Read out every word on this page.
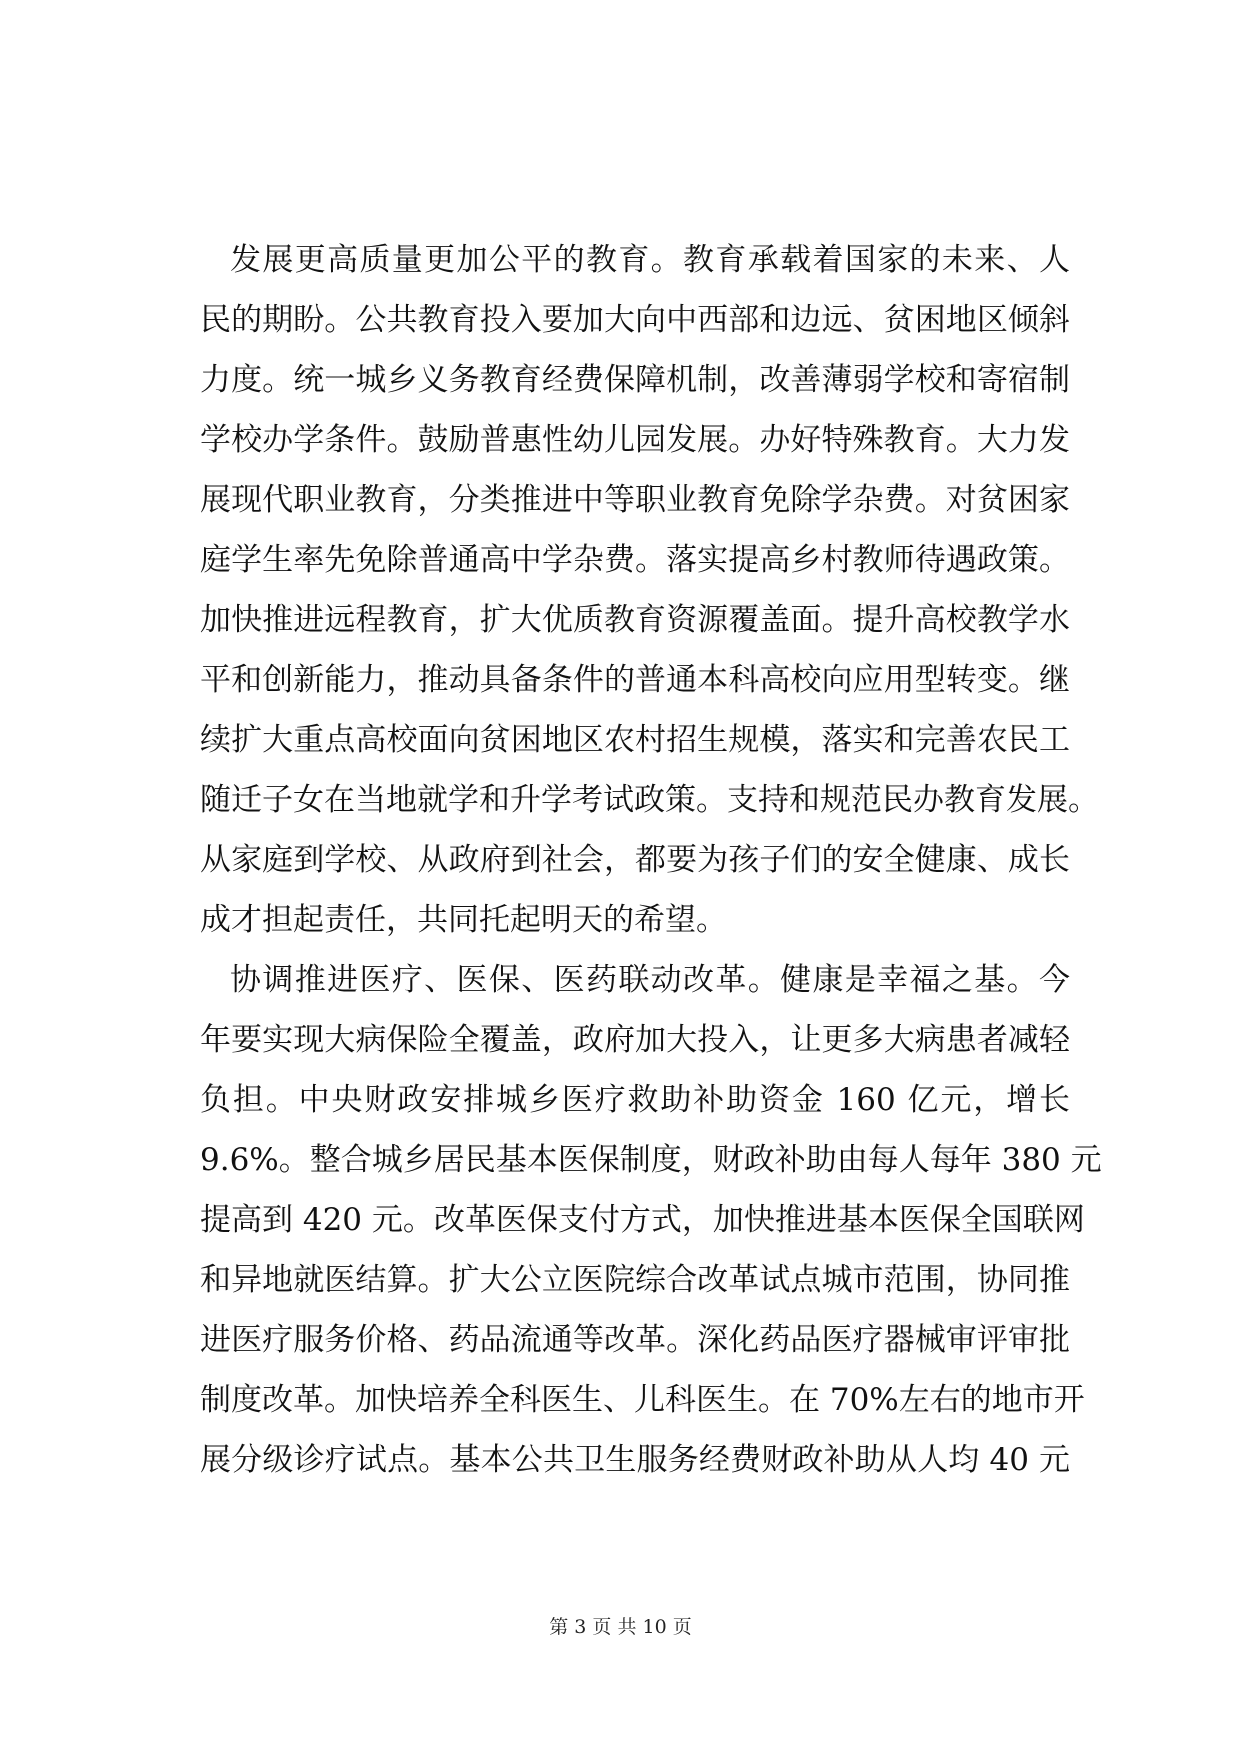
发展更高质量更加公平的教育。教育承载着国家的未来、人
民的期盼。公共教育投入要加大向中西部和边远、贫困地区倾斜
力度。统一城乡义务教育经费保障机制，改善薄弱学校和寄宿制
学校办学条件。鼓励普惠性幼儿园发展。办好特殊教育。大力发
展现代职业教育，分类推进中等职业教育免除学杂费。对贫困家
庭学生率先免除普通高中学杂费。落实提高乡村教师待遇政策。
加快推进远程教育，扩大优质教育资源覆盖面。提升高校教学水
平和创新能力，推动具备条件的普通本科高校向应用型转变。继
续扩大重点高校面向贫困地区农村招生规模，落实和完善农民工
随迁子女在当地就学和升学考试政策。支持和规范民办教育发展。
从家庭到学校、从政府到社会，都要为孩子们的安全健康、成长
成才担起责任，共同托起明天的希望。
协调推进医疗、医保、医药联动改革。健康是幸福之基。今
年要实现大病保险全覆盖，政府加大投入，让更多大病患者减轻
负担。中央财政安排城乡医疗救助补助资金 160 亿元，增长
9.6%。整合城乡居民基本医保制度，财政补助由每人每年 380 元
提高到 420 元。改革医保支付方式，加快推进基本医保全国联网
和异地就医结算。扩大公立医院综合改革试点城市范围，协同推
进医疗服务价格、药品流通等改革。深化药品医疗器械审评审批
制度改革。加快培养全科医生、儿科医生。在 70%左右的地市开
展分级诊疗试点。基本公共卫生服务经费财政补助从人均 40 元
第 3 页 共 10 页
